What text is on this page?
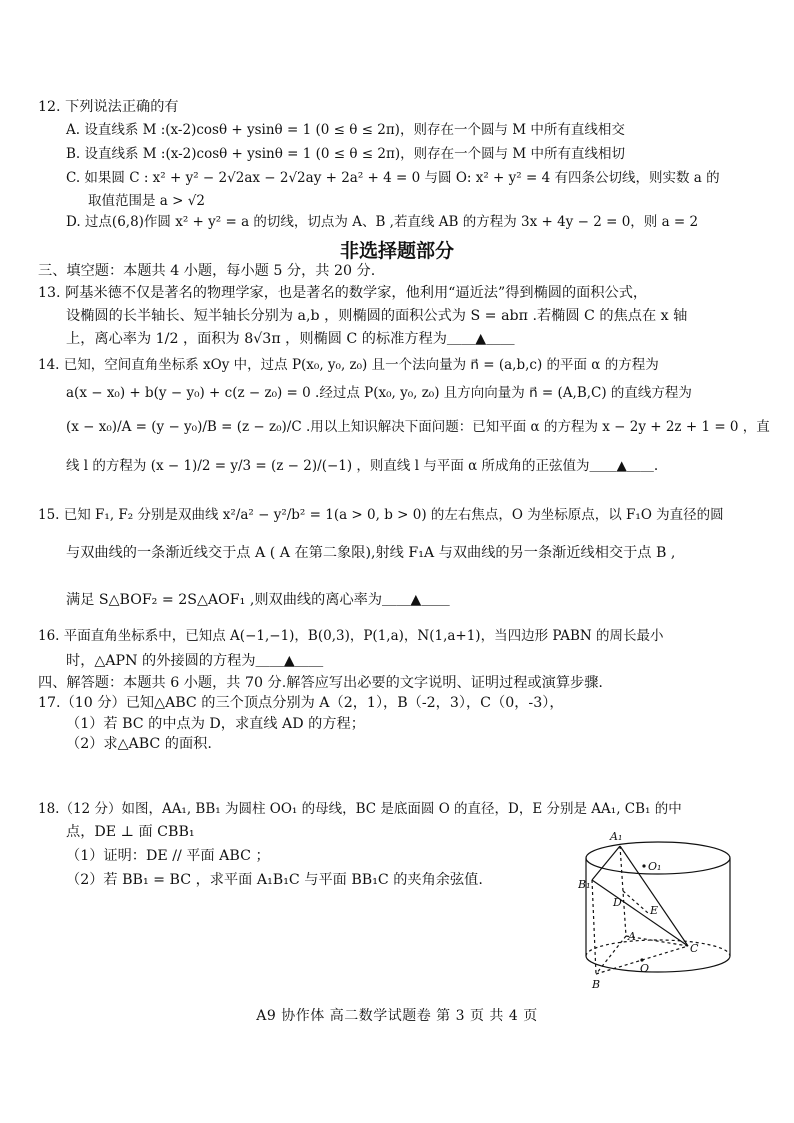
12. 下列说法正确的有
A. 设直线系 M :(x-2)cosθ + ysinθ = 1 (0 ≤ θ ≤ 2π)，则存在一个圆与 M 中所有直线相交
B. 设直线系 M :(x-2)cosθ + ysinθ = 1 (0 ≤ θ ≤ 2π)，则存在一个圆与 M 中所有直线相切
C. 如果圆 C : x² + y² − 2√2ax − 2√2ay + 2a² + 4 = 0 与圆 O: x² + y² = 4 有四条公切线，则实数 a 的
取值范围是 a > √2
D. 过点(6,8)作圆 x² + y² = a 的切线，切点为 A、B ,若直线 AB 的方程为 3x + 4y − 2 = 0，则 a = 2
非选择题部分
三、填空题：本题共 4 小题，每小题 5 分，共 20 分.
13. 阿基米德不仅是著名的物理学家，也是著名的数学家，他利用“逼近法”得到椭圆的面积公式，
设椭圆的长半轴长、短半轴长分别为 a,b ，则椭圆的面积公式为 S = abπ .若椭圆 C 的焦点在 x 轴
上，离心率为 1/2 ，面积为 8√3π ，则椭圆 C 的标准方程为＿＿▲＿＿
14. 已知，空间直角坐标系 xOy 中，过点 P(x₀, y₀, z₀) 且一个法向量为 n⃗ = (a,b,c) 的平面 α 的方程为
a(x − x₀) + b(y − y₀) + c(z − z₀) = 0 .经过点 P(x₀, y₀, z₀) 且方向向量为 n⃗ = (A,B,C) 的直线方程为
(x − x₀)/A = (y − y₀)/B = (z − z₀)/C .用以上知识解决下面问题：已知平面 α 的方程为 x − 2y + 2z + 1 = 0 ，直
线 l 的方程为 (x − 1)/2 = y/3 = (z − 2)/(−1) ，则直线 l 与平面 α 所成角的正弦值为＿＿▲＿＿.
15. 已知 F₁, F₂ 分别是双曲线 x²/a² − y²/b² = 1(a > 0, b > 0) 的左右焦点，O 为坐标原点，以 F₁O 为直径的圆
与双曲线的一条渐近线交于点 A ( A 在第二象限),射线 F₁A 与双曲线的另一条渐近线相交于点 B ,
满足 S△BOF₂ = 2S△AOF₁ ,则双曲线的离心率为＿＿▲＿＿
16. 平面直角坐标系中，已知点 A(−1,−1)，B(0,3)，P(1,a)，N(1,a+1)，当四边形 PABN 的周长最小
时，△APN 的外接圆的方程为＿＿▲＿＿
四、解答题：本题共 6 小题，共 70 分.解答应写出必要的文字说明、证明过程或演算步骤.
17.（10 分）已知△ABC 的三个顶点分别为 A（2，1），B（-2，3），C（0，-3），
（1）若 BC 的中点为 D，求直线 AD 的方程；
（2）求△ABC 的面积.
18.（12 分）如图，AA₁, BB₁ 为圆柱 OO₁ 的母线，BC 是底面圆 O 的直径，D，E 分别是 AA₁, CB₁ 的中
点，DE ⊥ 面 CBB₁
（1）证明：DE // 平面 ABC ；
（2）若 BB₁ = BC ，求平面 A₁B₁C 与平面 BB₁C 的夹角余弦值.
A₁
O₁
B₁
D
E
A
C
O
B
A9 协作体 高二数学试题卷 第 3 页 共 4 页
